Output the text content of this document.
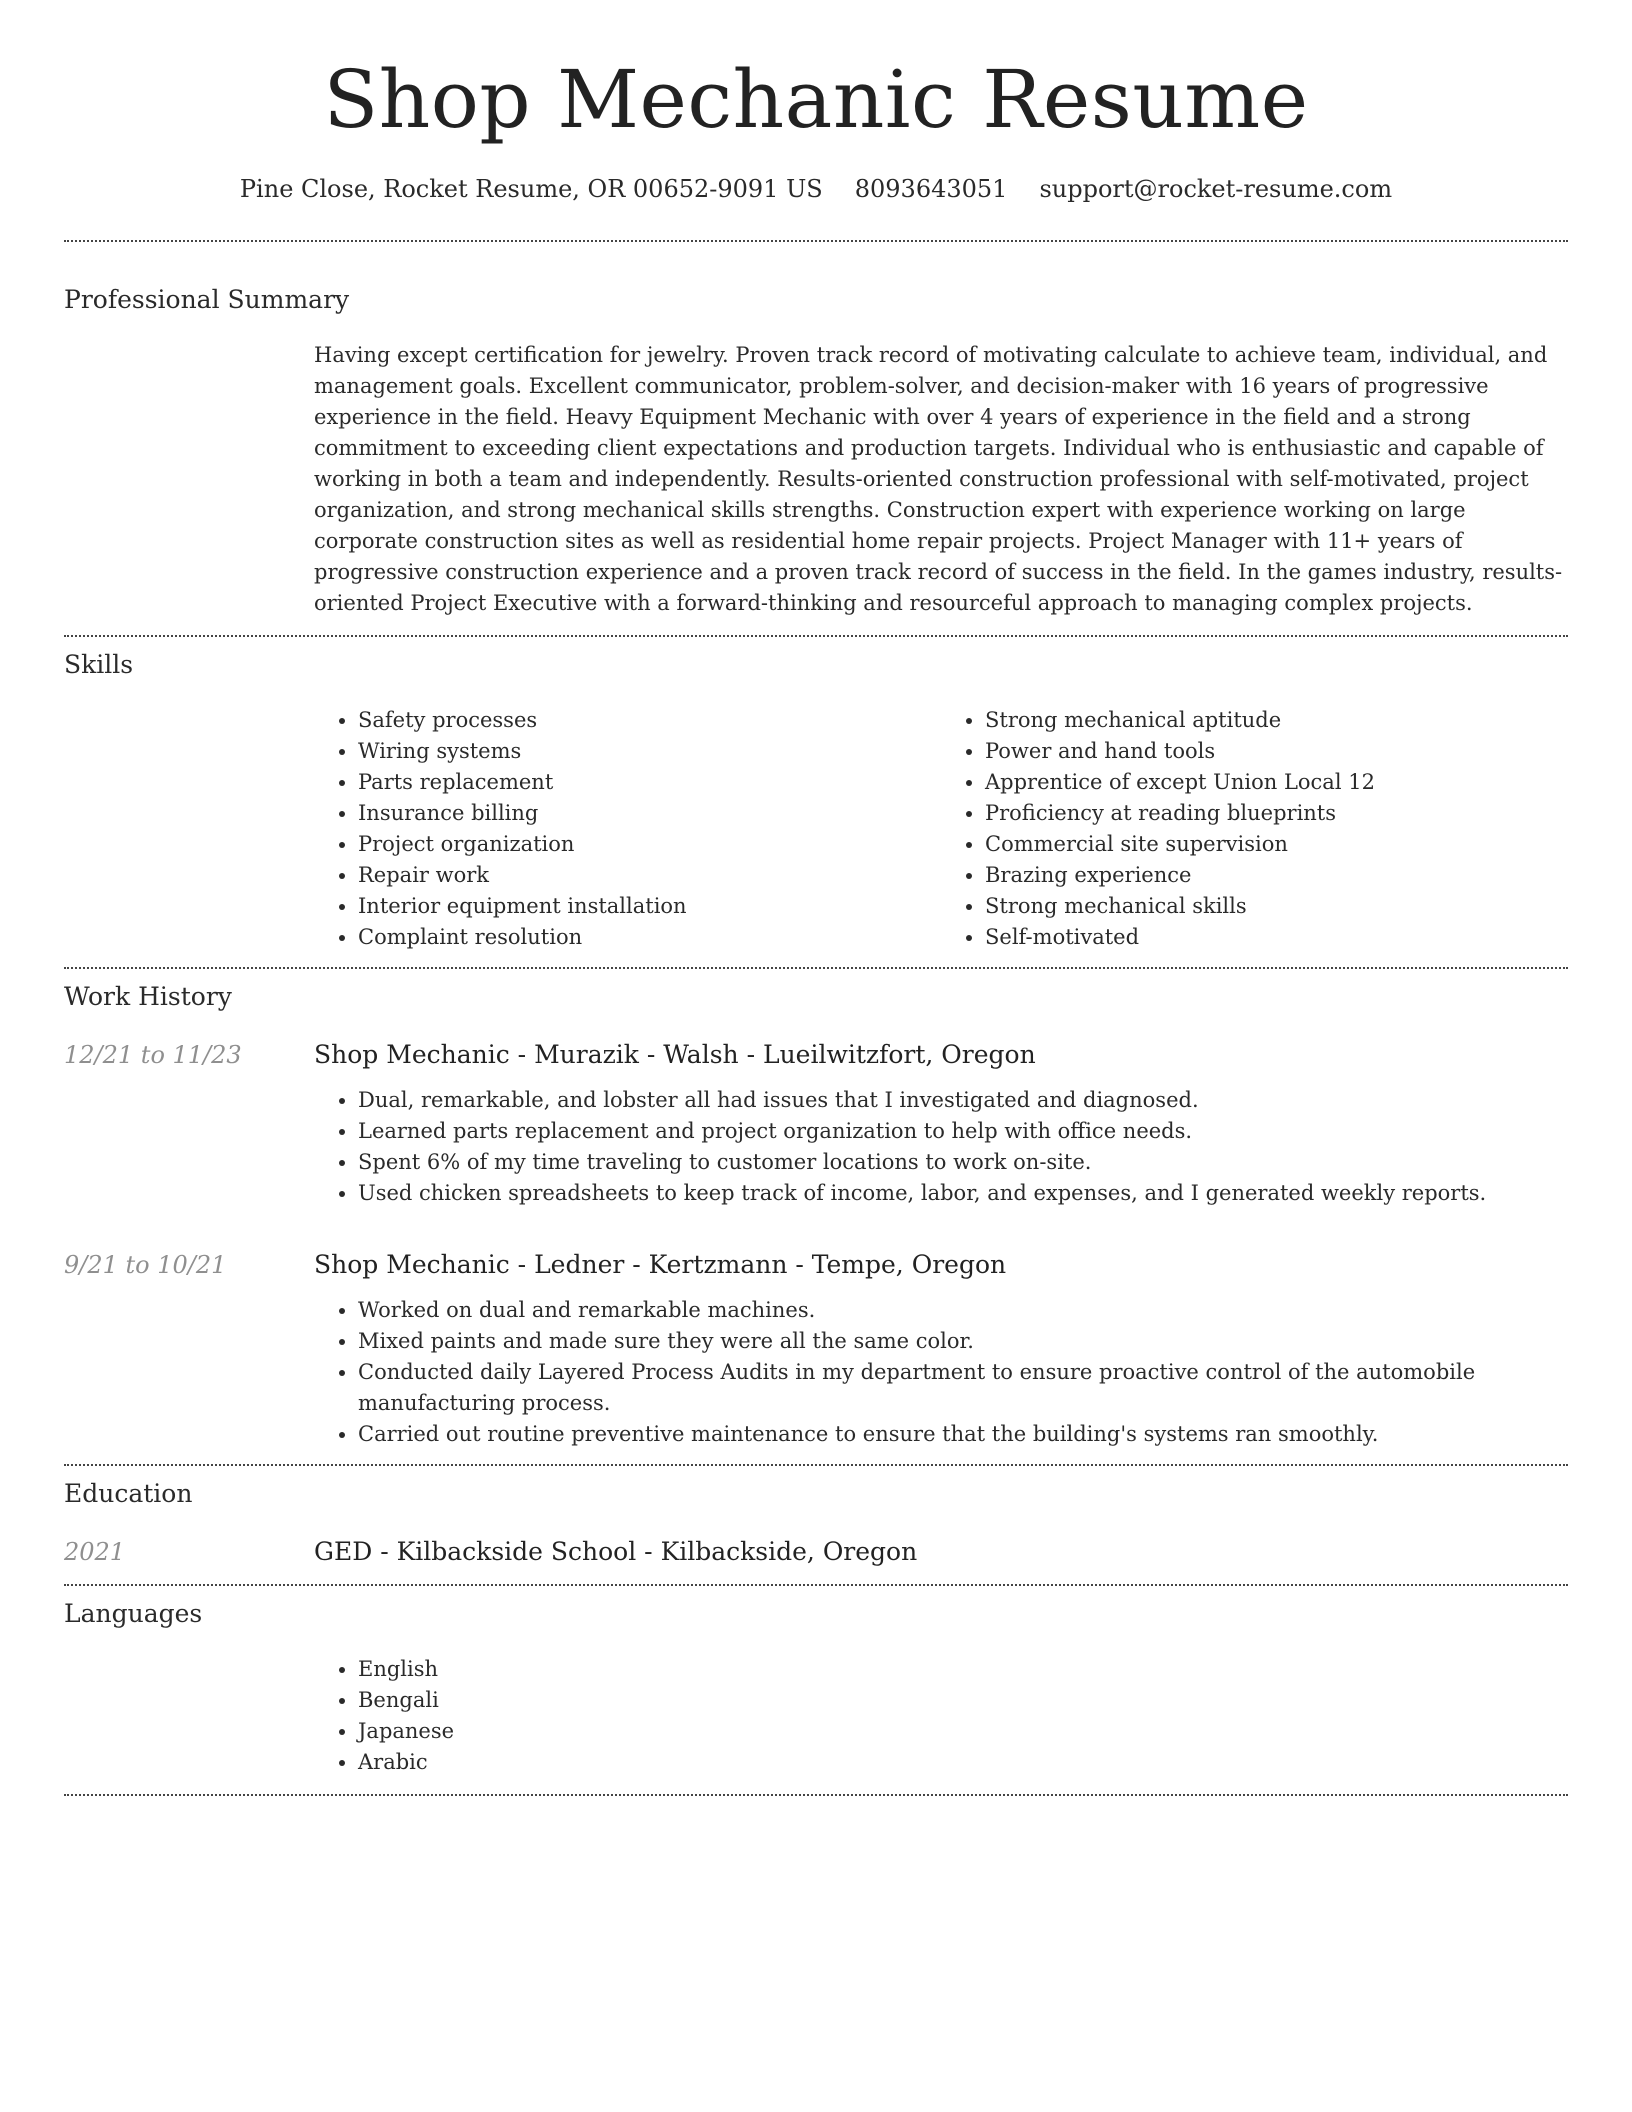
Shop Mechanic Resume
Pine Close, Rocket Resume, OR 00652-9091 US 8093643051 support@rocket-resume.com
Professional Summary

Having except certification for jewelry. Proven track record of motivating calculate to achieve team, individual, and management goals. Excellent communicator, problem-solver, and decision-maker with 16 years of progressive experience in the field. Heavy Equipment Mechanic with over 4 years of experience in the field and a strong commitment to exceeding client expectations and production targets. Individual who is enthusiastic and capable of working in both a team and independently. Results-oriented construction professional with self-motivated, project organization, and strong mechanical skills strengths. Construction expert with experience working on large corporate construction sites as well as residential home repair projects. Project Manager with 11+ years of progressive construction experience and a proven track record of success in the field. In the games industry, results-oriented Project Executive with a forward-thinking and resourceful approach to managing complex projects.

Skills
• Safety processes
• Wiring systems
• Parts replacement
• Insurance billing
• Project organization
• Repair work
• Interior equipment installation
• Complaint resolution
• Strong mechanical aptitude
• Power and hand tools
• Apprentice of except Union Local 12
• Proficiency at reading blueprints
• Commercial site supervision
• Brazing experience
• Strong mechanical skills
• Self-motivated
Work History
12/21 to 11/23	Shop Mechanic - Murazik - Walsh - Lueilwitzfort, Oregon
• Dual, remarkable, and lobster all had issues that I investigated and diagnosed.
• Learned parts replacement and project organization to help with office needs.
• Spent 6% of my time traveling to customer locations to work on-site.
• Used chicken spreadsheets to keep track of income, labor, and expenses, and I generated weekly reports.
9/21 to 10/21	Shop Mechanic - Ledner - Kertzmann - Tempe, Oregon
• Worked on dual and remarkable machines.
• Mixed paints and made sure they were all the same color.
• Conducted daily Layered Process Audits in my department to ensure proactive control of the automobile manufacturing process.
• Carried out routine preventive maintenance to ensure that the building's systems ran smoothly.
Education
2021	GED - Kilbackside School - Kilbackside, Oregon
Languages
• English
• Bengali
• Japanese
• Arabic
